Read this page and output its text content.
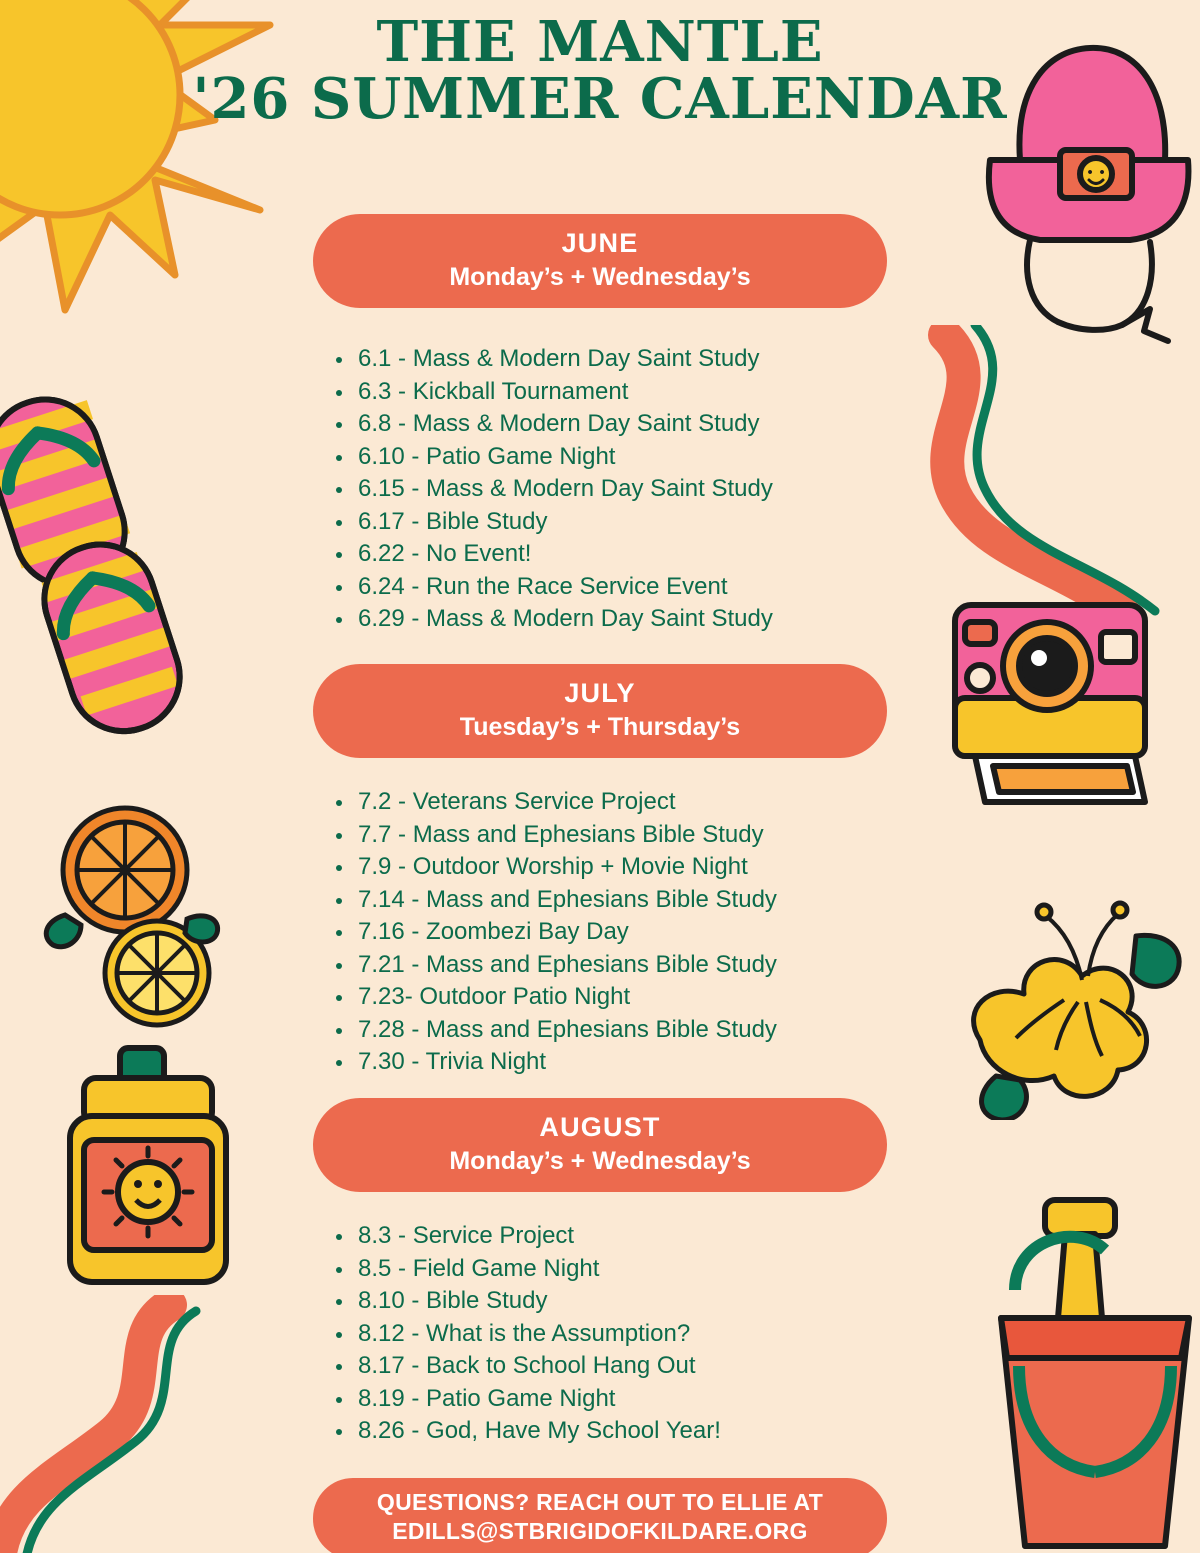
THE MANTLE
'26 SUMMER CALENDAR
JUNE
Monday’s + Wednesday’s
6.1 - Mass & Modern Day Saint Study
6.3 - Kickball Tournament
6.8 - Mass & Modern Day Saint Study
6.10 - Patio Game Night
6.15 - Mass & Modern Day Saint Study
6.17 - Bible Study
6.22 - No Event!
6.24 - Run the Race Service Event
6.29 - Mass & Modern Day Saint Study
JULY
Tuesday’s + Thursday’s
7.2 - Veterans Service Project
7.7 - Mass and Ephesians Bible Study
7.9 - Outdoor Worship + Movie Night
7.14 - Mass and Ephesians Bible Study
7.16 - Zoombezi Bay Day
7.21 - Mass and Ephesians Bible Study
7.23- Outdoor Patio Night
7.28 - Mass and Ephesians Bible Study
7.30 - Trivia Night
AUGUST
Monday’s + Wednesday’s
8.3 - Service Project
8.5 - Field Game Night
8.10 - Bible Study
8.12 - What is the Assumption?
8.17 - Back to School Hang Out
8.19 - Patio Game Night
8.26 - God, Have My School Year!
QUESTIONS? REACH OUT TO ELLIE AT
EDILLS@STBRIGIDOFKILDARE.ORG
